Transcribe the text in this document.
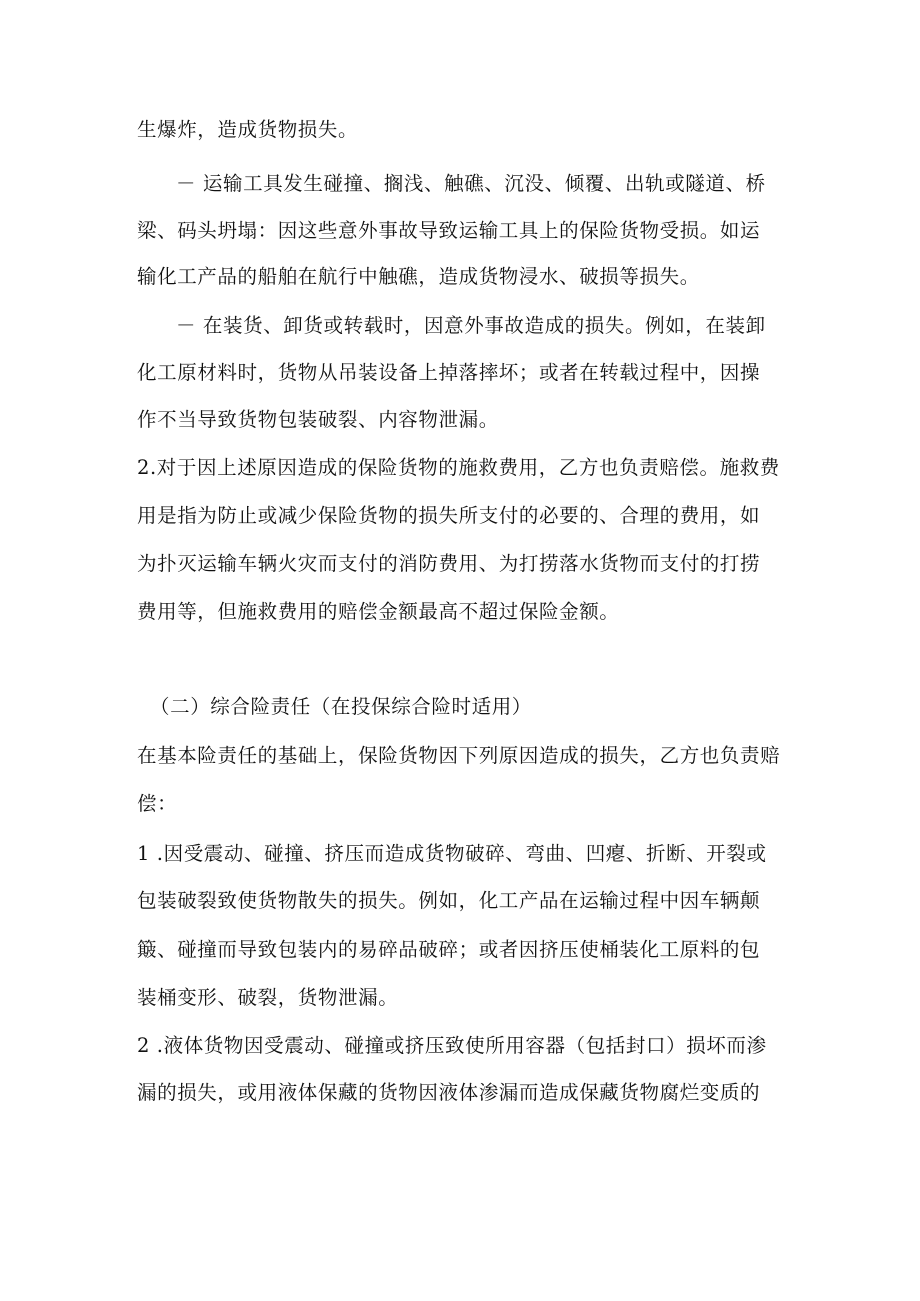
生爆炸，造成货物损失。
－ 运输工具发生碰撞、搁浅、触礁、沉没、倾覆、出轨或隧道、桥
梁、码头坍塌：因这些意外事故导致运输工具上的保险货物受损。如运
输化工产品的船舶在航行中触礁，造成货物浸水、破损等损失。
－ 在装货、卸货或转载时，因意外事故造成的损失。例如，在装卸
化工原材料时，货物从吊装设备上掉落摔坏；或者在转载过程中，因操
作不当导致货物包装破裂、内容物泄漏。
2.对于因上述原因造成的保险货物的施救费用，乙方也负责赔偿。施救费
用是指为防止或减少保险货物的损失所支付的必要的、合理的费用，如
为扑灭运输车辆火灾而支付的消防费用、为打捞落水货物而支付的打捞
费用等，但施救费用的赔偿金额最高不超过保险金额。
（二）综合险责任（在投保综合险时适用）
在基本险责任的基础上，保险货物因下列原因造成的损失，乙方也负责赔
偿：
1 .因受震动、碰撞、挤压而造成货物破碎、弯曲、凹瘪、折断、开裂或
包装破裂致使货物散失的损失。例如，化工产品在运输过程中因车辆颠
簸、碰撞而导致包装内的易碎品破碎；或者因挤压使桶装化工原料的包
装桶变形、破裂，货物泄漏。
2 .液体货物因受震动、碰撞或挤压致使所用容器（包括封口）损坏而渗
漏的损失，或用液体保藏的货物因液体渗漏而造成保藏货物腐烂变质的
